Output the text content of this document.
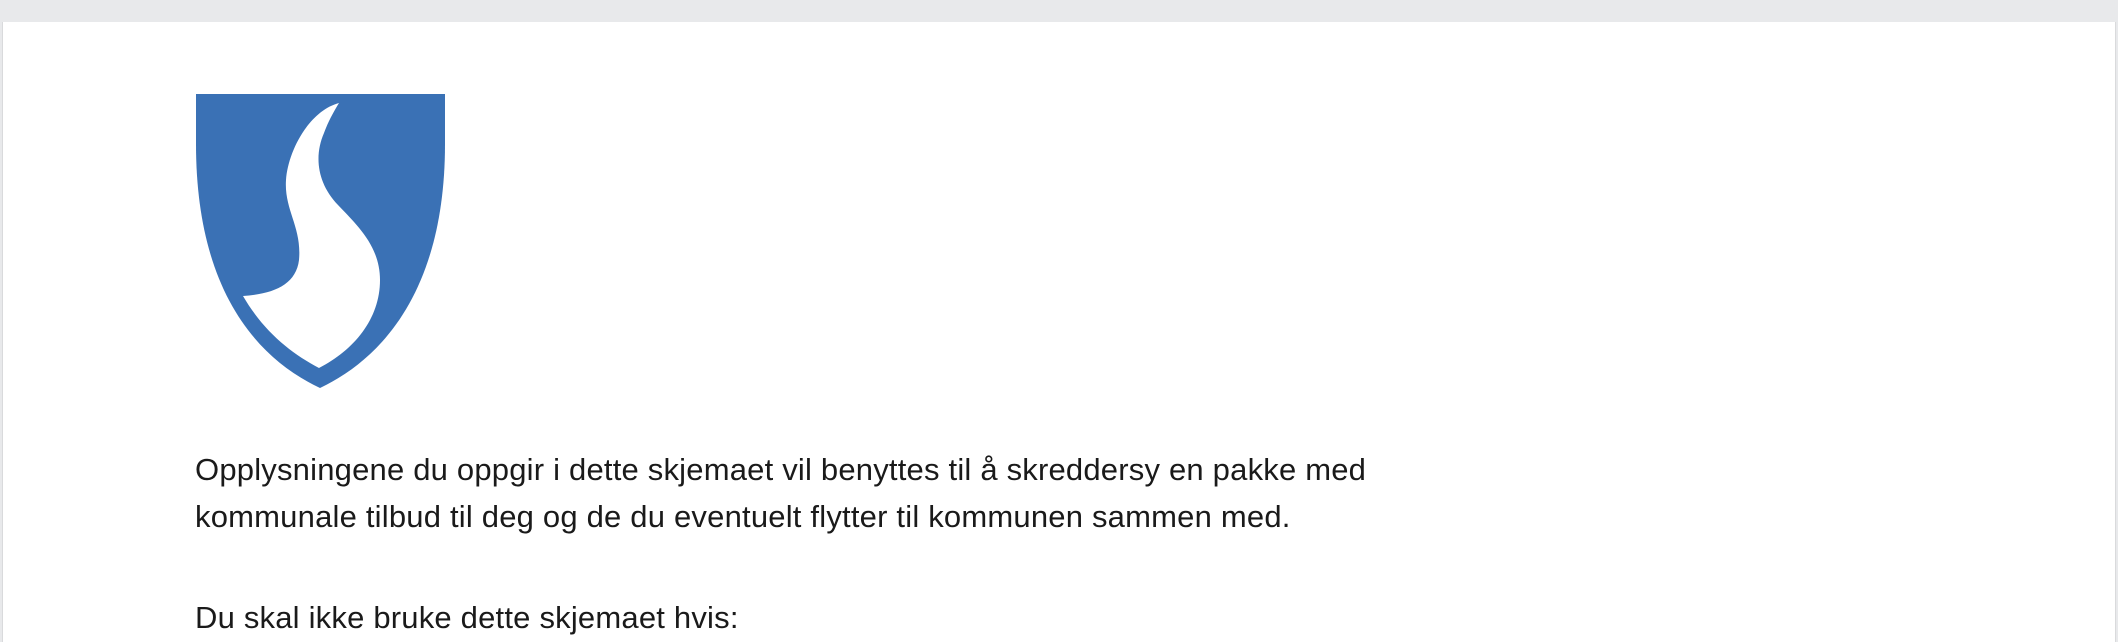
Opplysningene du oppgir i dette skjemaet vil benyttes til å skreddersy en pakke med
kommunale tilbud til deg og de du eventuelt flytter til kommunen sammen med.

Du skal ikke bruke dette skjemaet hvis:
